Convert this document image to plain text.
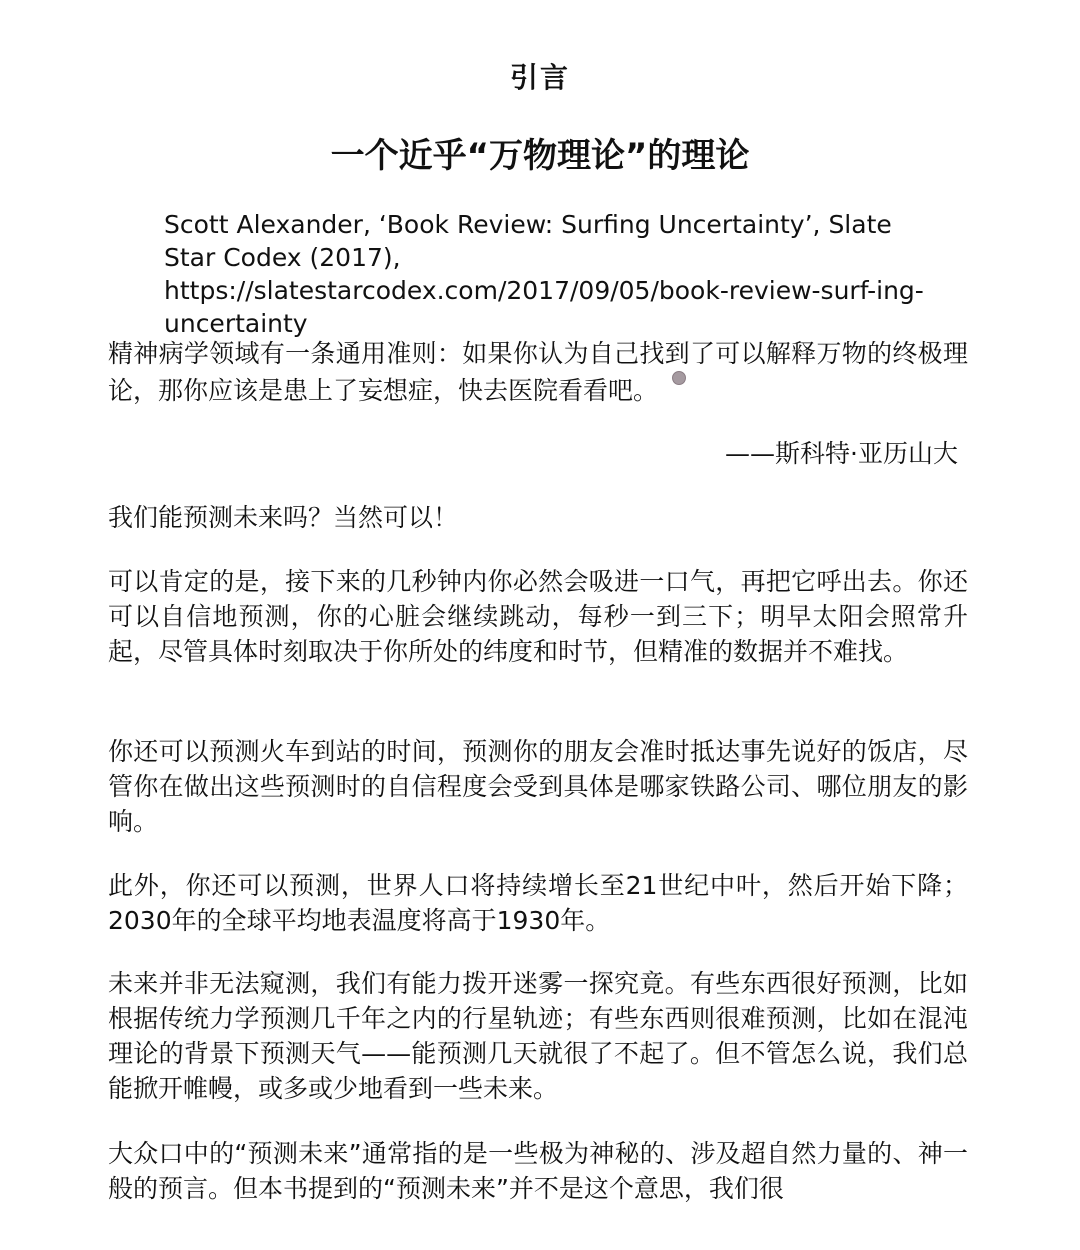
引言
一个近乎“万物理论”的理论
Scott Alexander, ‘Book Review: Surfing Uncertainty’, Slate Star Codex (2017), https://slatestarcodex.com/2017/09/05/book-review-surf-ing-uncertainty
精神病学领域有一条通用准则：如果你认为自己找到了可以解释万物的终极理论，那你应该是患上了妄想症，快去医院看看吧。
——斯科特·亚历山大
我们能预测未来吗？当然可以！
可以肯定的是，接下来的几秒钟内你必然会吸进一口气，再把它呼出去。你还可以自信地预测，你的心脏会继续跳动，每秒一到三下；明早太阳会照常升起，尽管具体时刻取决于你所处的纬度和时节，但精准的数据并不难找。
你还可以预测火车到站的时间，预测你的朋友会准时抵达事先说好的饭店，尽管你在做出这些预测时的自信程度会受到具体是哪家铁路公司、哪位朋友的影响。
此外，你还可以预测，世界人口将持续增长至21世纪中叶，然后开始下降；2030年的全球平均地表温度将高于1930年。
未来并非无法窥测，我们有能力拨开迷雾一探究竟。有些东西很好预测，比如根据传统力学预测几千年之内的行星轨迹；有些东西则很难预测，比如在混沌理论的背景下预测天气——能预测几天就很了不起了。但不管怎么说，我们总能掀开帷幔，或多或少地看到一些未来。
大众口中的“预测未来”通常指的是一些极为神秘的、涉及超自然力量的、神一般的预言。但本书提到的“预测未来”并不是这个意思，我们很
